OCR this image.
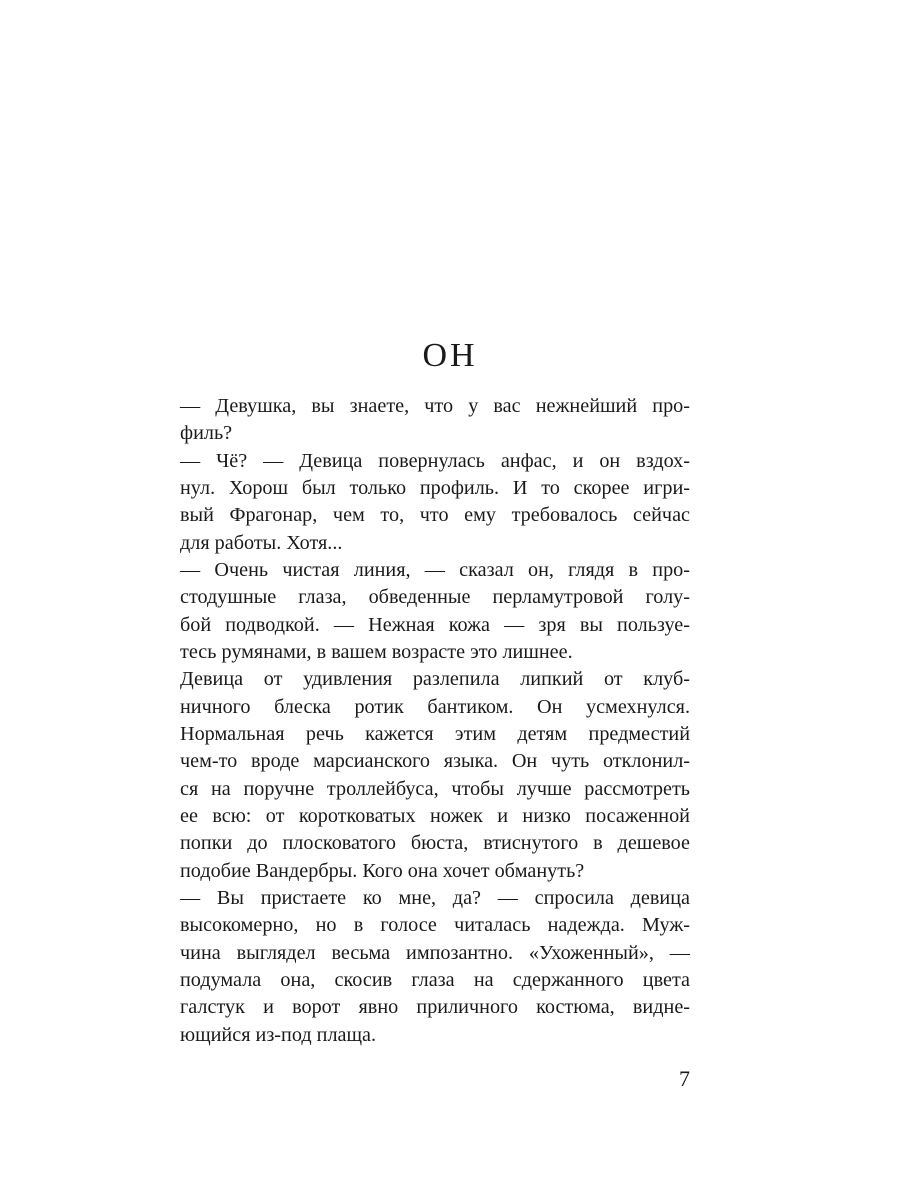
ОН
— Девушка, вы знаете, что у вас нежнейший про-
филь?
— Чё? — Девица повернулась анфас, и он вздох-
нул. Хорош был только профиль. И то скорее игри-
вый Фрагонар, чем то, что ему требовалось сейчас
для работы. Хотя...
— Очень чистая линия, — сказал он, глядя в про-
стодушные глаза, обведенные перламутровой голу-
бой подводкой. — Нежная кожа — зря вы пользуе-
тесь румянами, в вашем возрасте это лишнее.
Девица от удивления разлепила липкий от клуб-
ничного блеска ротик бантиком. Он усмехнулся.
Нормальная речь кажется этим детям предместий
чем-то вроде марсианского языка. Он чуть отклонил-
ся на поручне троллейбуса, чтобы лучше рассмотреть
ее всю: от коротковатых ножек и низко посаженной
попки до плосковатого бюста, втиснутого в дешевое
подобие Вандербры. Кого она хочет обмануть?
— Вы пристаете ко мне, да? — спросила девица
высокомерно, но в голосе читалась надежда. Муж-
чина выглядел весьма импозантно. «Ухоженный», —
подумала она, скосив глаза на сдержанного цвета
галстук и ворот явно приличного костюма, видне-
ющийся из-под плаща.
7
